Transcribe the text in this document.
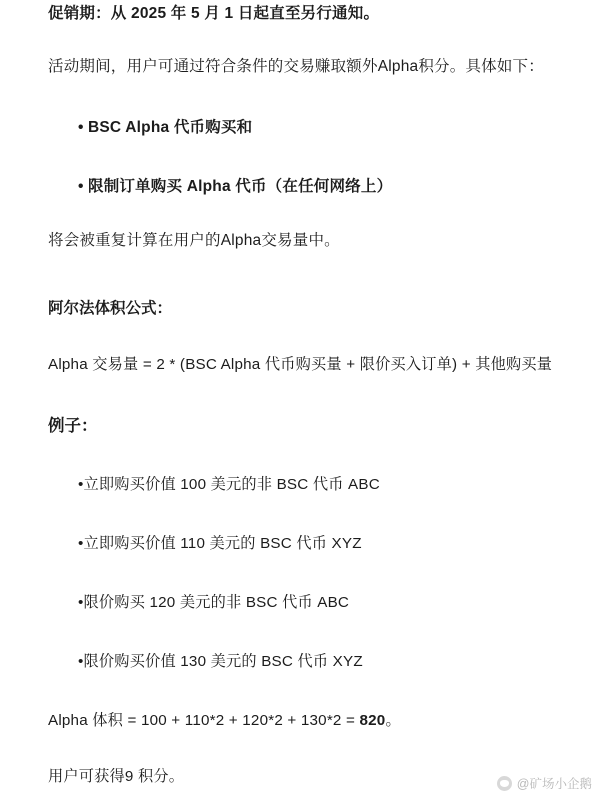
促销期：从 2025 年 5 月 1 日起直至另行通知。

活动期间，用户可通过符合条件的交易赚取额外Alpha积分。具体如下：

• BSC Alpha 代币购买和
• 限制订单购买 Alpha 代币（在任何网络上）

将会被重复计算在用户的Alpha交易量中。

阿尔法体积公式：

Alpha 交易量 = 2 * (BSC Alpha 代币购买量 + 限价买入订单) + 其他购买量

例子：
•立即购买价值 100 美元的非 BSC 代币 ABC
•立即购买价值 110 美元的 BSC 代币 XYZ
•限价购买 120 美元的非 BSC 代币 ABC
•限价购买价值 130 美元的 BSC 代币 XYZ

Alpha 体积 = 100 + 110*2 + 120*2 + 130*2 = 820。

用户可获得9 积分。	@矿场小企鹅
